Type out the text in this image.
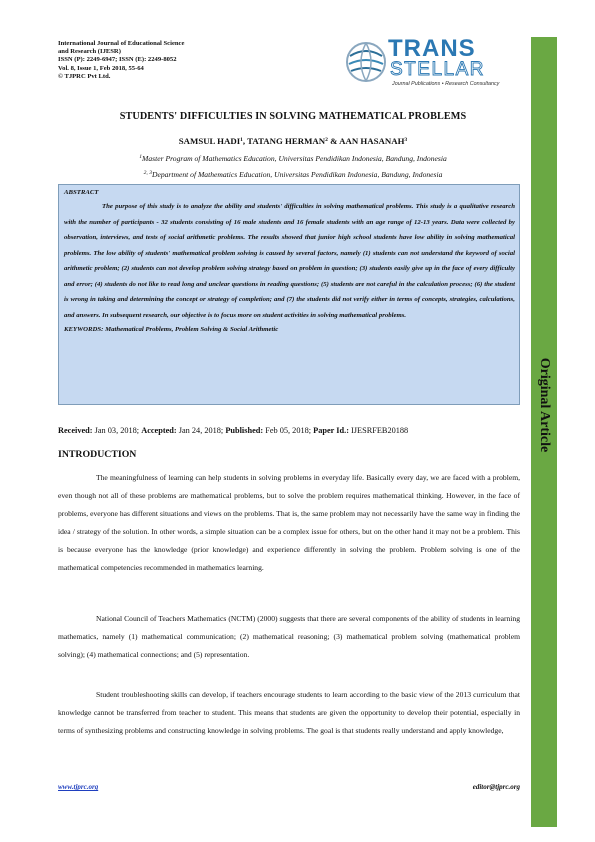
International Journal of Educational Science
and Research (IJESR)
ISSN (P): 2249-6947; ISSN (E): 2249-8052
Vol. 8, Issue 1, Feb 2018, 55-64
© TJPRC Pvt Ltd.
TRANS
STELLAR
Journal Publications • Research Consultancy
Original Article
STUDENTS' DIFFICULTIES IN SOLVING MATHEMATICAL PROBLEMS
SAMSUL HADI$^1$, TATANG HERMAN$^2$ & AAN HASANAH$^3$
$^1$Master Program of Mathematics Education, Universitas Pendidikan Indonesia, Bandung, Indonesia
$^{2, 3}$Department of Mathematics Education, Universitas Pendidikan Indonesia, Bandung, Indonesia
ABSTRACT
The purpose of this study is to analyze the ability and students' difficulties in solving mathematical problems. This study is a qualitative research with the number of participants - 32 students consisting of 16 male students and 16 female students with an age range of 12-13 years. Data were collected by observation, interviews, and tests of social arithmetic problems. The results showed that junior high school students have low ability in solving mathematical problems. The low ability of students' mathematical problem solving is caused by several factors, namely (1) students can not understand the keyword of social arithmetic problem; (2) students can not develop problem solving strategy based on problem in question; (3) students easily give up in the face of every difficulty and error; (4) students do not like to read long and unclear questions in reading questions; (5) students are not careful in the calculation process; (6) the student is wrong in taking and determining the concept or strategy of completion; and (7) the students did not verify either in terms of concepts, strategies, calculations, and answers. In subsequent research, our objective is to focus more on student activities in solving mathematical problems.
KEYWORDS: Mathematical Problems, Problem Solving & Social Arithmetic
Received: Jan 03, 2018; Accepted: Jan 24, 2018; Published: Feb 05, 2018; Paper Id.: IJESRFEB20188
INTRODUCTION
The meaningfulness of learning can help students in solving problems in everyday life. Basically every day, we are faced with a problem, even though not all of these problems are mathematical problems, but to solve the problem requires mathematical thinking. However, in the face of problems, everyone has different situations and views on the problems. That is, the same problem may not necessarily have the same way in finding the idea / strategy of the solution. In other words, a simple situation can be a complex issue for others, but on the other hand it may not be a problem. This is because everyone has the knowledge (prior knowledge) and experience differently in solving the problem. Problem solving is one of the mathematical competencies recommended in mathematics learning.
National Council of Teachers Mathematics (NCTM) (2000) suggests that there are several components of the ability of students in learning mathematics, namely (1) mathematical communication; (2) mathematical reasoning; (3) mathematical problem solving (mathematical problem solving); (4) mathematical connections; and (5) representation.
Student troubleshooting skills can develop, if teachers encourage students to learn according to the basic view of the 2013 curriculum that knowledge cannot be transferred from teacher to student. This means that students are given the opportunity to develop their potential, especially in terms of synthesizing problems and constructing knowledge in solving problems. The goal is that students really understand and apply knowledge,
www.tjprc.org	editor@tjprc.org
